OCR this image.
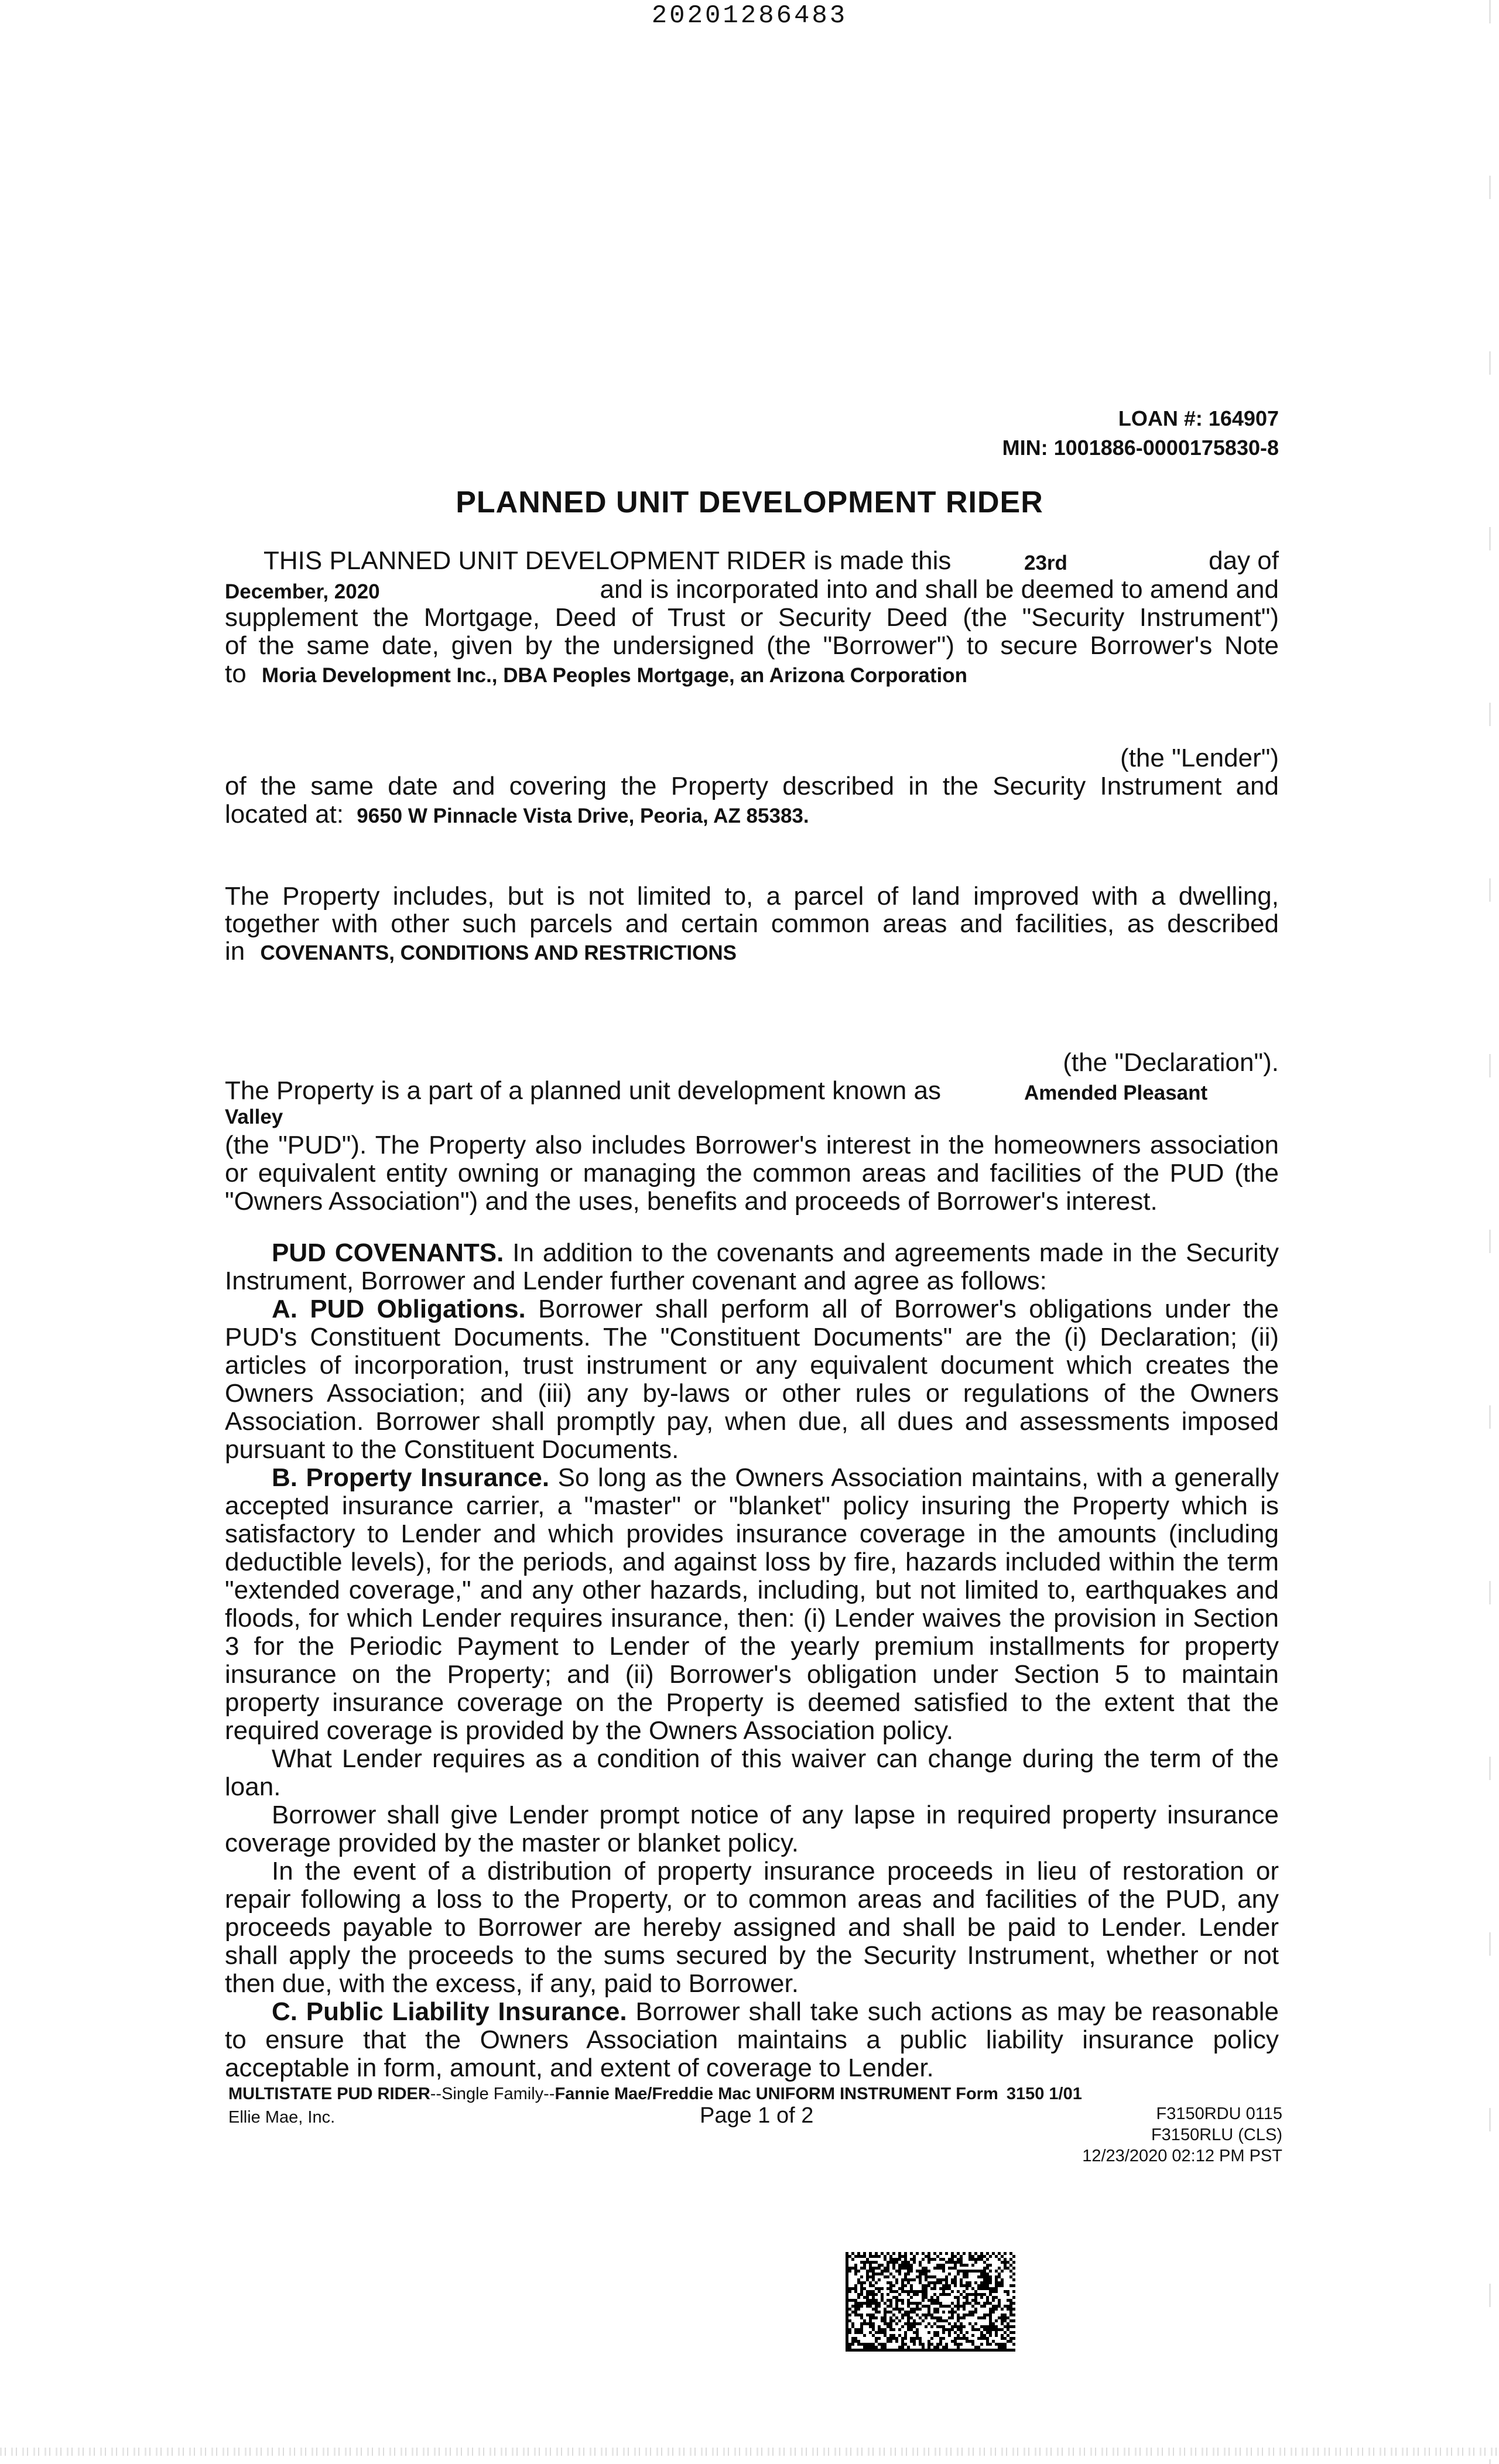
20201286483
LOAN #: 164907
MIN: 1001886-0000175830-8
PLANNED UNIT DEVELOPMENT RIDER
THIS PLANNED UNIT DEVELOPMENT RIDER is made this	23rd	day of
December, 2020	and is incorporated into and shall be deemed to amend and
supplement the Mortgage, Deed of Trust or Security Deed (the "Security Instrument")
of the same date, given by the undersigned (the "Borrower") to secure Borrower's Note
to Moria Development Inc., DBA Peoples Mortgage, an Arizona Corporation
(the "Lender")
of the same date and covering the Property described in the Security Instrument and
located at: 9650 W Pinnacle Vista Drive, Peoria, AZ 85383.
The Property includes, but is not limited to, a parcel of land improved with a dwelling,
together with other such parcels and certain common areas and facilities, as described
in COVENANTS, CONDITIONS AND RESTRICTIONS
(the "Declaration").
The Property is a part of a planned unit development known as	Amended Pleasant
Valley
(the "PUD"). The Property also includes Borrower's interest in the homeowners association or equivalent entity owning or managing the common areas and facilities of the PUD (the "Owners Association") and the uses, benefits and proceeds of Borrower's interest.

PUD COVENANTS. In addition to the covenants and agreements made in the Security Instrument, Borrower and Lender further covenant and agree as follows:

A. PUD Obligations. Borrower shall perform all of Borrower's obligations under the PUD's Constituent Documents. The "Constituent Documents" are the (i) Declaration; (ii) articles of incorporation, trust instrument or any equivalent document which creates the Owners Association; and (iii) any by-laws or other rules or regulations of the Owners Association. Borrower shall promptly pay, when due, all dues and assessments imposed pursuant to the Constituent Documents.

B. Property Insurance. So long as the Owners Association maintains, with a generally accepted insurance carrier, a "master" or "blanket" policy insuring the Property which is satisfactory to Lender and which provides insurance coverage in the amounts (including deductible levels), for the periods, and against loss by fire, hazards included within the term "extended coverage," and any other hazards, including, but not limited to, earthquakes and floods, for which Lender requires insurance, then: (i) Lender waives the provision in Section 3 for the Periodic Payment to Lender of the yearly premium installments for property insurance on the Property; and (ii) Borrower's obligation under Section 5 to maintain property insurance coverage on the Property is deemed satisfied to the extent that the required coverage is provided by the Owners Association policy.

What Lender requires as a condition of this waiver can change during the term of the loan.

Borrower shall give Lender prompt notice of any lapse in required property insurance coverage provided by the master or blanket policy.

In the event of a distribution of property insurance proceeds in lieu of restoration or repair following a loss to the Property, or to common areas and facilities of the PUD, any proceeds payable to Borrower are hereby assigned and shall be paid to Lender. Lender shall apply the proceeds to the sums secured by the Security Instrument, whether or not then due, with the excess, if any, paid to Borrower.

C. Public Liability Insurance. Borrower shall take such actions as may be reasonable to ensure that the Owners Association maintains a public liability insurance policy acceptable in form, amount, and extent of coverage to Lender.

MULTISTATE PUD RIDER--Single Family--Fannie Mae/Freddie Mac UNIFORM INSTRUMENT Form 3150 1/01
Ellie Mae, Inc.	Page 1 of 2	F3150RDU 0115
F3150RLU (CLS)
12/23/2020 02:12 PM PST
